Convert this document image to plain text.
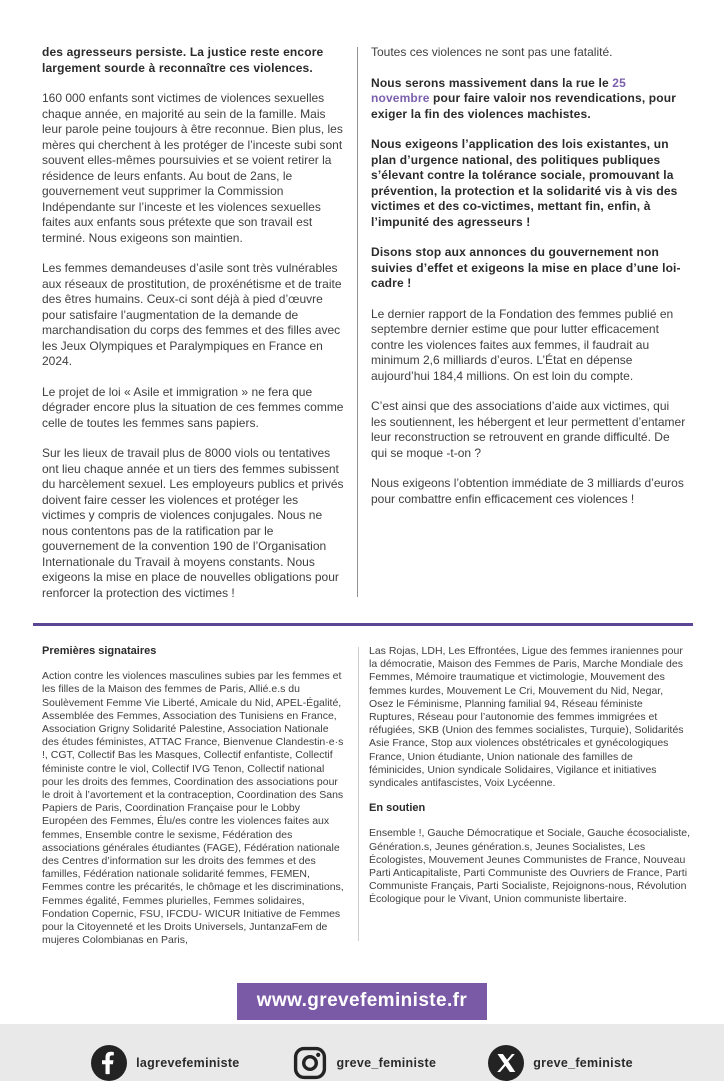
des agresseurs persiste. La justice reste encore largement sourde à reconnaître ces violences.

160 000 enfants sont victimes de violences sexuelles chaque année, en majorité au sein de la famille. Mais leur parole peine toujours à être reconnue. Bien plus, les mères qui cherchent à les protéger de l’inceste subi sont souvent elles-mêmes poursuivies et se voient retirer la résidence de leurs enfants. Au bout de 2ans, le gouvernement veut supprimer la Commission Indépendante sur l’inceste et les violences sexuelles faites aux enfants sous prétexte que son travail est terminé. Nous exigeons son maintien.

Les femmes demandeuses d’asile sont très vulnérables aux réseaux de prostitution, de proxénétisme et de traite des êtres humains. Ceux-ci sont déjà à pied d’œuvre pour satisfaire l’augmentation de la demande de marchandisation du corps des femmes et des filles avec les Jeux Olympiques et Paralympiques en France en 2024.

Le projet de loi « Asile et immigration » ne fera que dégrader encore plus la situation de ces femmes comme celle de toutes les femmes sans papiers.

Sur les lieux de travail plus de 8000 viols ou tentatives ont lieu chaque année et un tiers des femmes subissent du harcèlement sexuel. Les employeurs publics et privés doivent faire cesser les violences et protéger les victimes y compris de violences conjugales. Nous ne nous contentons pas de la ratification par le gouvernement de la convention 190 de l’Organisation Internationale du Travail à moyens constants. Nous exigeons la mise en place de nouvelles obligations pour renforcer la protection des victimes !

Toutes ces violences ne sont pas une fatalité.

Nous serons massivement dans la rue le 25 novembre pour faire valoir nos revendications, pour exiger la fin des violences machistes.

Nous exigeons l’application des lois existantes, un plan d’urgence national, des politiques publiques s’élevant contre la tolérance sociale, promouvant la prévention, la protection et la solidarité vis à vis des victimes et des co-victimes, mettant fin, enfin, à l’impunité des agresseurs !

Disons stop aux annonces du gouvernement non suivies d’effet et exigeons la mise en place d’une loi-cadre !

Le dernier rapport de la Fondation des femmes publié en septembre dernier estime que pour lutter efficacement contre les violences faites aux femmes, il faudrait au minimum 2,6 milliards d’euros. L’État en dépense aujourd’hui 184,4 millions. On est loin du compte.

C’est ainsi que des associations d’aide aux victimes, qui les soutiennent, les hébergent et leur permettent d’entamer leur reconstruction se retrouvent en grande difficulté. De qui se moque -t-on ?

Nous exigeons l’obtention immédiate de 3 milliards d’euros pour combattre enfin efficacement ces violences !

Premières signataires

Action contre les violences masculines subies par les femmes et les filles de la Maison des femmes de Paris, Allié.e.s du Soulèvement Femme Vie Liberté, Amicale du Nid, APEL-Égalité, Assemblée des Femmes, Association des Tunisiens en France, Association Grigny Solidarité Palestine, Association Nationale des études féministes, ATTAC France, Bienvenue Clandestin·e·s !, CGT, Collectif Bas les Masques, Collectif enfantiste, Collectif féministe contre le viol, Collectif IVG Tenon, Collectif national pour les droits des femmes, Coordination des associations pour le droit à l’avortement et la contraception, Coordination des Sans Papiers de Paris, Coordination Française pour le Lobby Européen des Femmes, Élu/es contre les violences faites aux femmes, Ensemble contre le sexisme, Fédération des associations générales étudiantes (FAGE), Fédération nationale des Centres d’information sur les droits des femmes et des familles, Fédération nationale solidarité femmes, FEMEN, Femmes contre les précarités, le chômage et les discriminations, Femmes égalité, Femmes plurielles, Femmes solidaires, Fondation Copernic, FSU, IFCDU- WICUR Initiative de Femmes pour la Citoyenneté et les Droits Universels, JuntanzaFem de mujeres Colombianas en Paris,

Las Rojas, LDH, Les Effrontées, Ligue des femmes iraniennes pour la démocratie, Maison des Femmes de Paris, Marche Mondiale des Femmes, Mémoire traumatique et victimologie, Mouvement des femmes kurdes, Mouvement Le Cri, Mouvement du Nid, Negar, Osez le Féminisme, Planning familial 94, Réseau féministe Ruptures, Réseau pour l’autonomie des femmes immigrées et réfugiées, SKB (Union des femmes socialistes, Turquie), Solidarités Asie France, Stop aux violences obstétricales et gynécologiques France, Union étudiante, Union nationale des familles de féminicides, Union syndicale Solidaires, Vigilance et initiatives syndicales antifascistes, Voix Lycéenne.

En soutien

Ensemble !, Gauche Démocratique et Sociale, Gauche écosocialiste, Génération.s, Jeunes génération.s, Jeunes Socialistes, Les Écologistes, Mouvement Jeunes Communistes de France, Nouveau Parti Anticapitaliste, Parti Communiste des Ouvriers de France, Parti Communiste Français, Parti Socialiste, Rejoignons-nous, Révolution Écologique pour le Vivant, Union communiste libertaire.

www.grevefeministe.fr
lagrevefeministe	greve_feministe	greve_feministe
